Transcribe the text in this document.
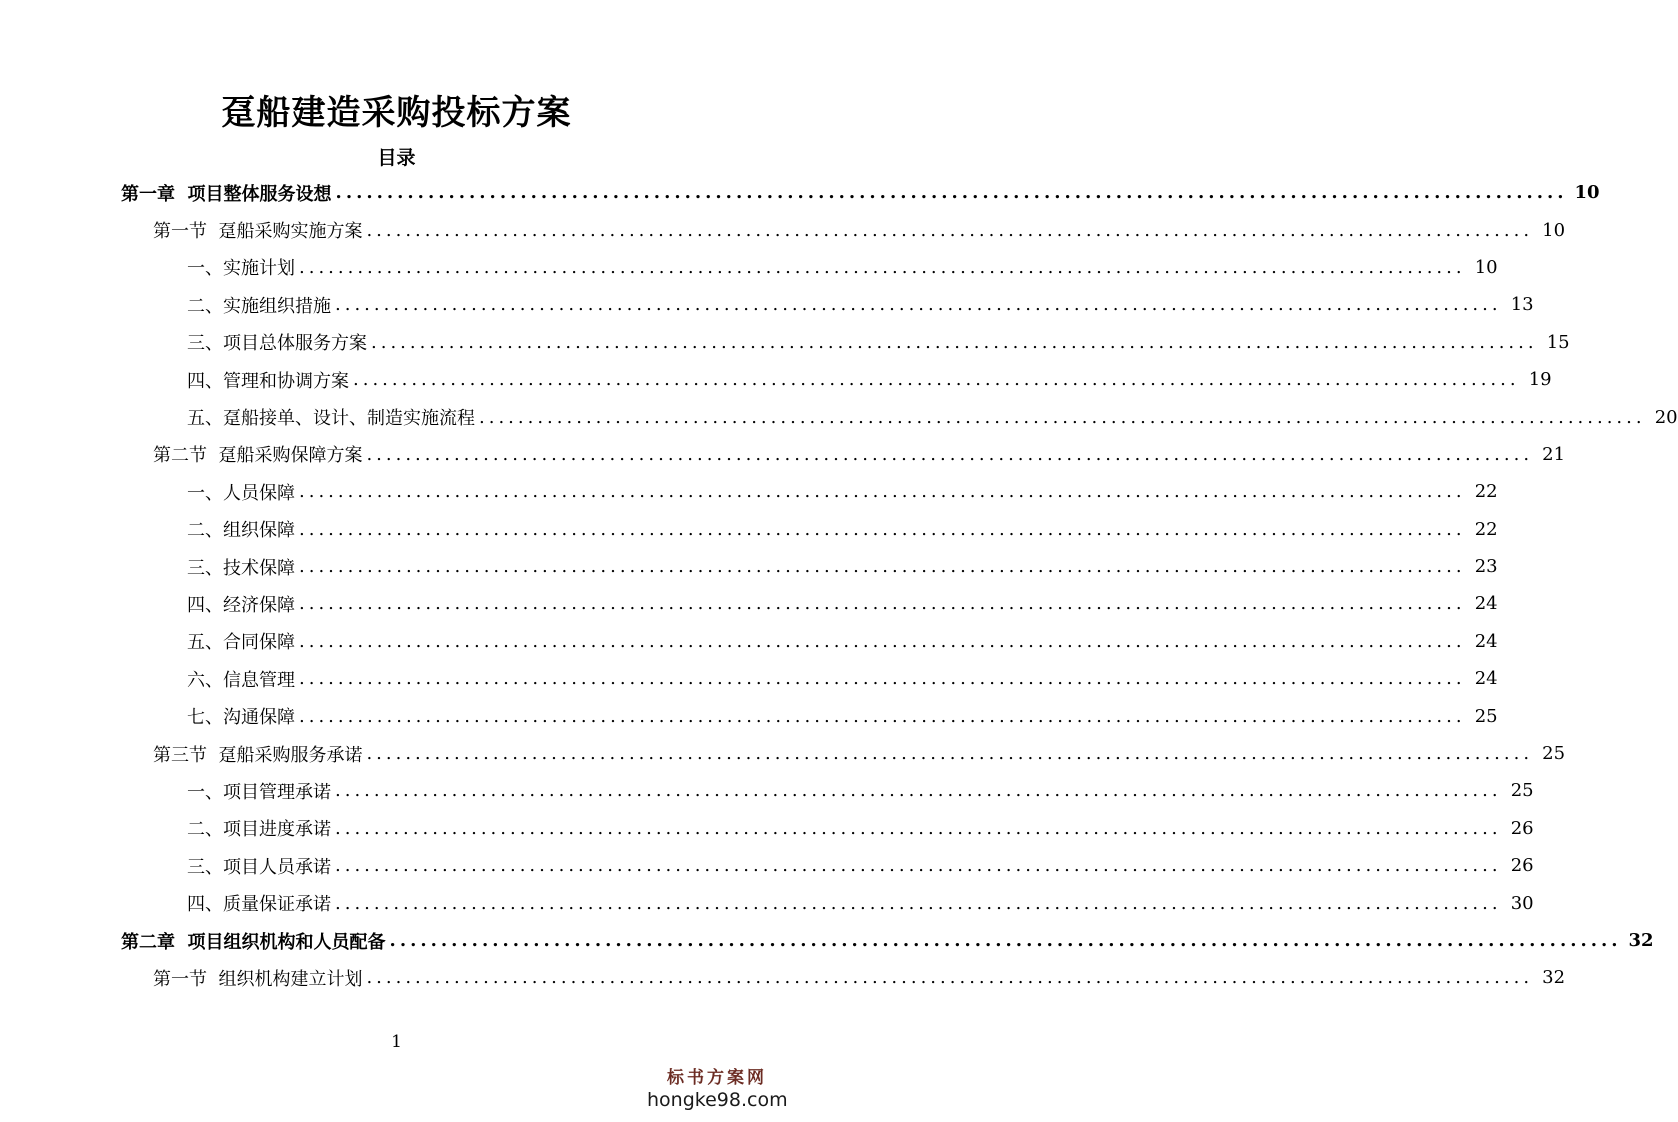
趸船建造采购投标方案
目录
第一章  项目整体服务设想 ........................................................................................................................ 10
第一节  趸船采购实施方案 ........................................................................................................................ 10
一、实施计划 ........................................................................................................................ 10
二、实施组织措施 ........................................................................................................................ 13
三、项目总体服务方案 ........................................................................................................................ 15
四、管理和协调方案 ........................................................................................................................ 19
五、趸船接单、设计、制造实施流程 ........................................................................................................................ 20
第二节  趸船采购保障方案 ........................................................................................................................ 21
一、人员保障 ........................................................................................................................ 22
二、组织保障 ........................................................................................................................ 22
三、技术保障 ........................................................................................................................ 23
四、经济保障 ........................................................................................................................ 24
五、合同保障 ........................................................................................................................ 24
六、信息管理 ........................................................................................................................ 24
七、沟通保障 ........................................................................................................................ 25
第三节  趸船采购服务承诺 ........................................................................................................................ 25
一、项目管理承诺 ........................................................................................................................ 25
二、项目进度承诺 ........................................................................................................................ 26
三、项目人员承诺 ........................................................................................................................ 26
四、质量保证承诺 ........................................................................................................................ 30
第二章  项目组织机构和人员配备 ........................................................................................................................ 32
第一节  组织机构建立计划 ........................................................................................................................ 32
1
标书方案网
hongke98.com
